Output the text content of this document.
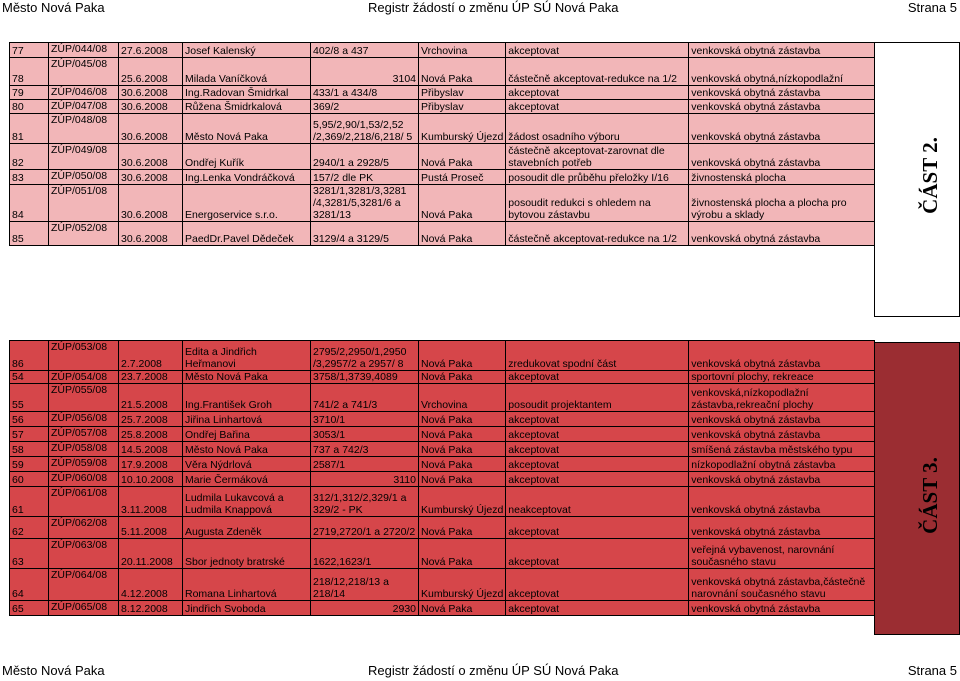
Město Nová Paka	Registr žádostí o změnu ÚP SÚ Nová Paka	Strana 5
77	ZÚP/044/08	27.6.2008	Josef Kalenský	402/8 a 437	Vrchovina	akceptovat	venkovská obytná zástavba
78	ZÚP/045/08	25.6.2008	Milada Vaníčková	3104	Nová Paka	částečně akceptovat-redukce na 1/2	venkovská obytná,nízkopodlažní
79	ZÚP/046/08	30.6.2008	Ing.Radovan Šmidrkal	433/1 a 434/8	Přibyslav	akceptovat	venkovská obytná zástavba
80	ZÚP/047/08	30.6.2008	Růžena Šmidrkalová	369/2	Přibyslav	akceptovat	venkovská obytná zástavba
81	ZÚP/048/08	30.6.2008	Město Nová Paka	5,95/2,90/1,53/2,52 /2,369/2,218/6,218/ 5	Kumburský Újezd	žádost osadního výboru	venkovská obytná zástavba
82	ZÚP/049/08	30.6.2008	Ondřej Kuřík	2940/1 a 2928/5	Nová Paka	částečně akceptovat-zarovnat dle stavebních potřeb	venkovská obytná zástavba
83	ZÚP/050/08	30.6.2008	Ing.Lenka Vondráčková	157/2 dle PK	Pustá Proseč	posoudit dle průběhu přeložky I/16	živnostenská plocha
84	ZÚP/051/08	30.6.2008	Energoservice s.r.o.	3281/1,3281/3,3281 /4,3281/5,3281/6 a 3281/13	Nová Paka	posoudit redukci s ohledem na bytovou zástavbu	živnostenská plocha a plocha pro výrobu a sklady
85	ZÚP/052/08	30.6.2008	PaedDr.Pavel Dědeček	3129/4 a 3129/5	Nová Paka	částečně akceptovat-redukce na 1/2	venkovská obytná zástavba
86	ZÚP/053/08	2.7.2008	Edita a Jindřich Heřmanovi	2795/2,2950/1,2950 /3,2957/2 a 2957/ 8	Nová Paka	zredukovat spodní část	venkovská obytná zástavba
54	ZÚP/054/08	23.7.2008	Město Nová Paka	3758/1,3739,4089	Nová Paka	akceptovat	sportovní plochy, rekreace
55	ZÚP/055/08	21.5.2008	Ing.František Groh	741/2 a 741/3	Vrchovina	posoudit projektantem	venkovská,nízkopodlažní zástavba,rekreační plochy
56	ZÚP/056/08	25.7.2008	Jiřina Linhartová	3710/1	Nová Paka	akceptovat	venkovská obytná zástavba
57	ZÚP/057/08	25.8.2008	Ondřej Bařina	3053/1	Nová Paka	akceptovat	venkovská obytná zástavba
58	ZÚP/058/08	14.5.2008	Město Nová Paka	737 a 742/3	Nová Paka	akceptovat	smíšená zástavba městského typu
59	ZÚP/059/08	17.9.2008	Věra Nýdrlová	2587/1	Nová Paka	akceptovat	nízkopodlažní obytná zástavba
60	ZÚP/060/08	10.10.2008	Marie Čermáková	3110	Nová Paka	akceptovat	venkovská obytná zástavba
61	ZÚP/061/08	3.11.2008	Ludmila Lukavcová a Ludmila Knappová	312/1,312/2,329/1 a 329/2 - PK	Kumburský Újezd	neakceptovat	venkovská obytná zástavba
62	ZÚP/062/08	5.11.2008	Augusta Zdeněk	2719,2720/1 a 2720/2	Nová Paka	akceptovat	venkovská obytná zástavba
63	ZÚP/063/08	20.11.2008	Sbor jednoty bratrské	1622,1623/1	Nová Paka	akceptovat	veřejná vybavenost, narovnání současného stavu
64	ZÚP/064/08	4.12.2008	Romana Linhartová	218/12,218/13 a 218/14	Kumburský Újezd	akceptovat	venkovská obytná zástavba,částečně narovnání současného stavu
65	ZÚP/065/08	8.12.2008	Jindřich Svoboda	2930	Nová Paka	akceptovat	venkovská obytná zástavba
ČÁST 2.
ČÁST 3.
Město Nová Paka	Registr žádostí o změnu ÚP SÚ Nová Paka	Strana 5
